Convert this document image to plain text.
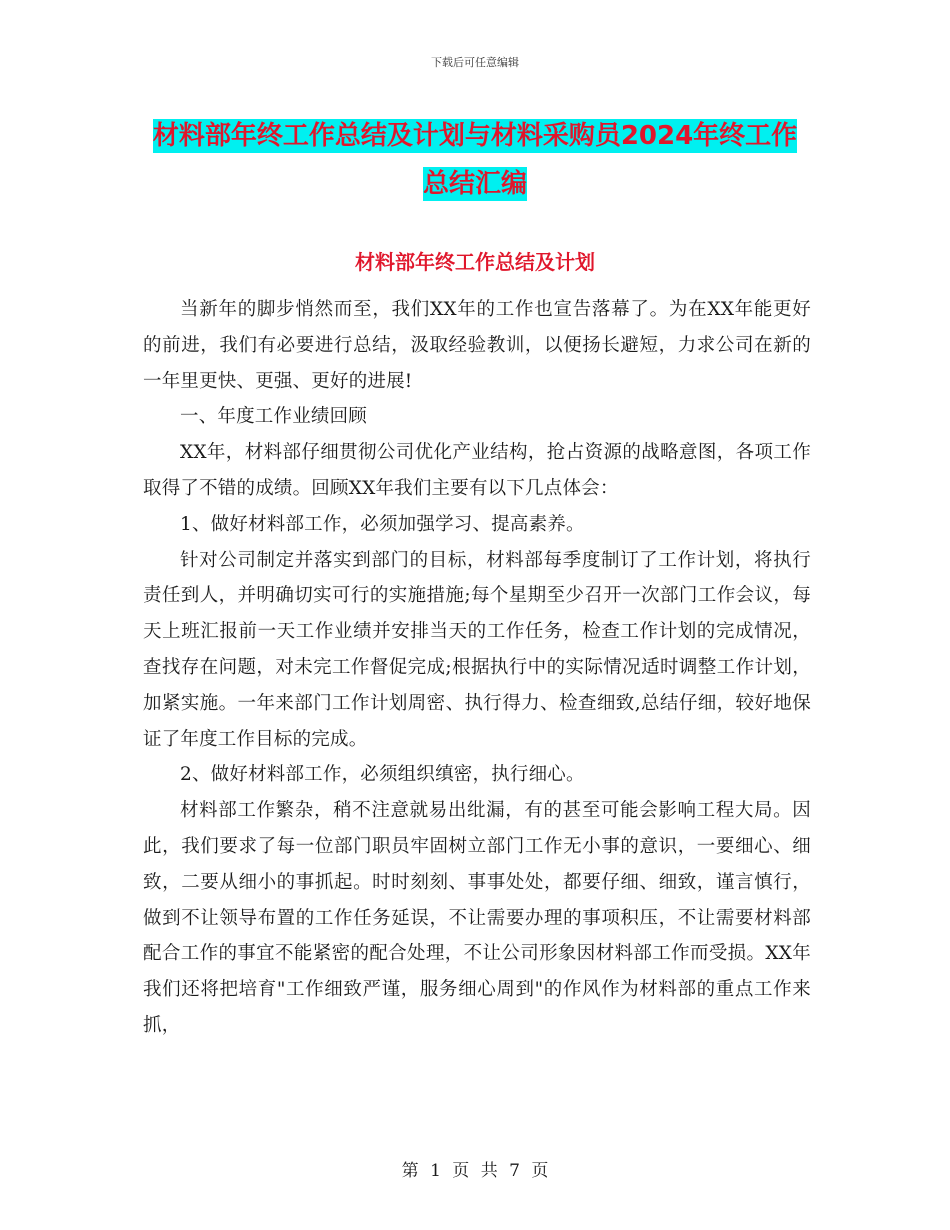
下载后可任意编辑
材料部年终工作总结及计划与材料采购员2024年终工作总结汇编
材料部年终工作总结及计划

当新年的脚步悄然而至，我们XX年的工作也宣告落幕了。为在XX年能更好的前进，我们有必要进行总结，汲取经验教训，以便扬长避短，力求公司在新的一年里更快、更强、更好的进展!

一、年度工作业绩回顾

XX年，材料部仔细贯彻公司优化产业结构，抢占资源的战略意图，各项工作取得了不错的成绩。回顾XX年我们主要有以下几点体会：

1、做好材料部工作，必须加强学习、提高素养。

针对公司制定并落实到部门的目标，材料部每季度制订了工作计划，将执行责任到人，并明确切实可行的实施措施;每个星期至少召开一次部门工作会议，每天上班汇报前一天工作业绩并安排当天的工作任务，检查工作计划的完成情况，查找存在问题，对未完工作督促完成;根据执行中的实际情况适时调整工作计划，加紧实施。一年来部门工作计划周密、执行得力、检查细致,总结仔细，较好地保证了年度工作目标的完成。

2、做好材料部工作，必须组织缜密，执行细心。

材料部工作繁杂，稍不注意就易出纰漏，有的甚至可能会影响工程大局。因此，我们要求了每一位部门职员牢固树立部门工作无小事的意识，一要细心、细致，二要从细小的事抓起。时时刻刻、事事处处，都要仔细、细致，谨言慎行，做到不让领导布置的工作任务延误，不让需要办理的事项积压，不让需要材料部配合工作的事宜不能紧密的配合处理，不让公司形象因材料部工作而受损。XX年我们还将把培育"工作细致严谨，服务细心周到"的作风作为材料部的重点工作来抓，

第 1 页 共 7 页
